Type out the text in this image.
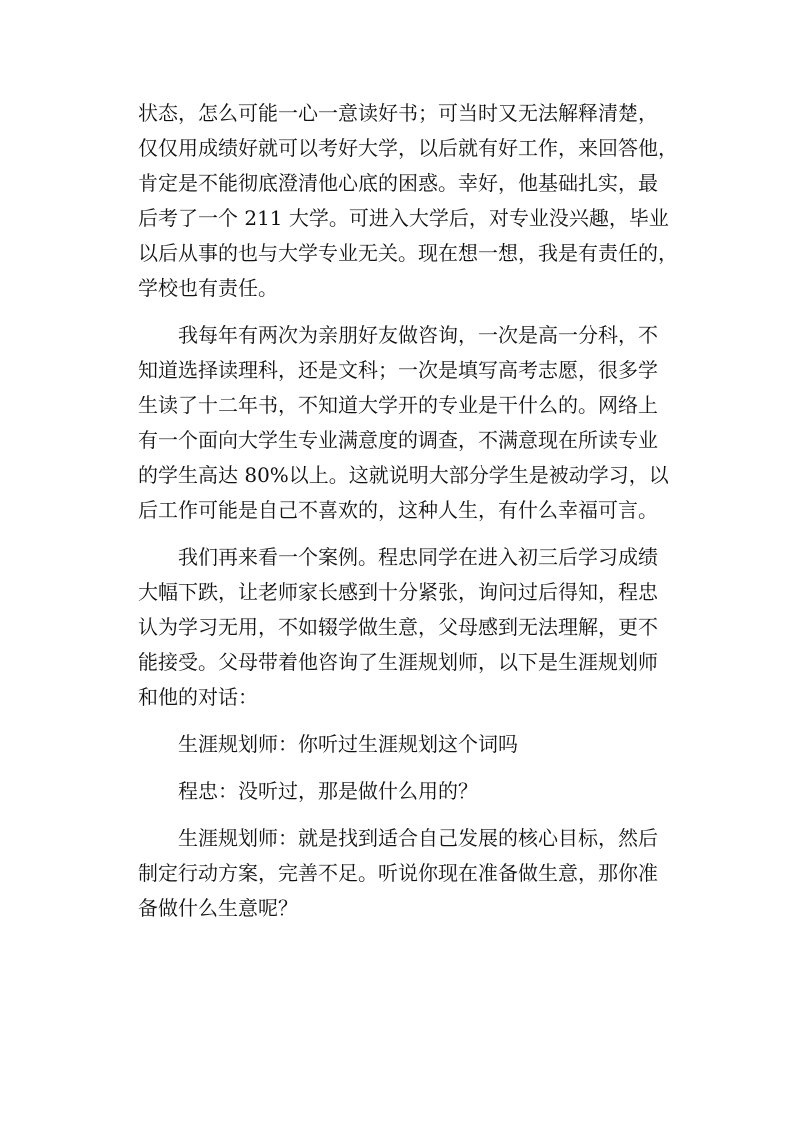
状态，怎么可能一心一意读好书；可当时又无法解释清楚，
仅仅用成绩好就可以考好大学，以后就有好工作，来回答他，
肯定是不能彻底澄清他心底的困惑。幸好，他基础扎实，最
后考了一个 211 大学。可进入大学后，对专业没兴趣，毕业
以后从事的也与大学专业无关。现在想一想，我是有责任的，
学校也有责任。
我每年有两次为亲朋好友做咨询，一次是高一分科，不
知道选择读理科，还是文科；一次是填写高考志愿，很多学
生读了十二年书，不知道大学开的专业是干什么的。网络上
有一个面向大学生专业满意度的调查，不满意现在所读专业
的学生高达 80%以上。这就说明大部分学生是被动学习，以
后工作可能是自己不喜欢的，这种人生，有什么幸福可言。
我们再来看一个案例。程忠同学在进入初三后学习成绩
大幅下跌，让老师家长感到十分紧张，询问过后得知，程忠
认为学习无用，不如辍学做生意，父母感到无法理解，更不
能接受。父母带着他咨询了生涯规划师，以下是生涯规划师
和他的对话：
生涯规划师：你听过生涯规划这个词吗
程忠：没听过，那是做什么用的？
生涯规划师：就是找到适合自己发展的核心目标，然后
制定行动方案，完善不足。听说你现在准备做生意，那你准
备做什么生意呢？
